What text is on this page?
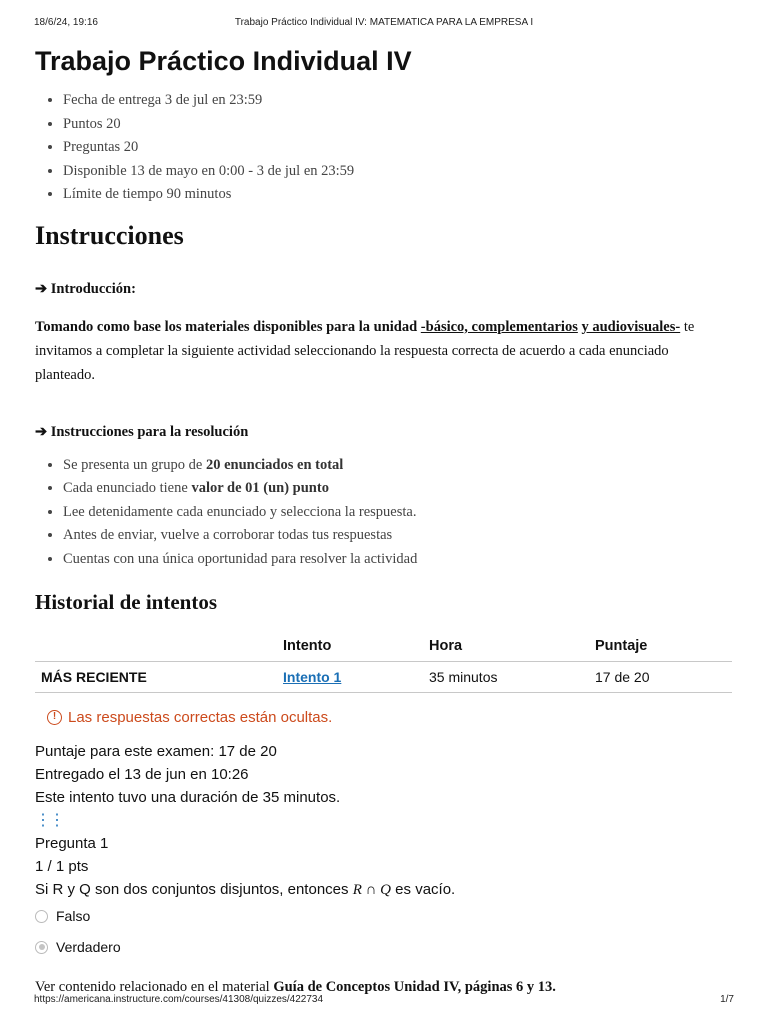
18/6/24, 19:16	Trabajo Práctico Individual IV: MATEMATICA PARA LA EMPRESA I
Trabajo Práctico Individual IV
• Fecha de entrega 3 de jul en 23:59
• Puntos 20
• Preguntas 20
• Disponible 13 de mayo en 0:00 - 3 de jul en 23:59
• Límite de tiempo 90 minutos
Instrucciones

➔ Introducción:

Tomando como base los materiales disponibles para la unidad -básico, complementarios y audiovisuales- te invitamos a completar la siguiente actividad seleccionando la respuesta correcta de acuerdo a cada enunciado planteado.

➔ Instrucciones para la resolución

• Se presenta un grupo de 20 enunciados en total
• Cada enunciado tiene valor de 01 (un) punto
• Lee detenidamente cada enunciado y selecciona la respuesta.
• Antes de enviar, vuelve a corroborar todas tus respuestas
• Cuentas con una única oportunidad para resolver la actividad
Historial de intentos
	Intento	Hora	Puntaje
MÁS RECIENTE	Intento 1	35 minutos	17 de 20
! Las respuestas correctas están ocultas.
Puntaje para este examen: 17 de 20
Entregado el 13 de jun en 10:26
Este intento tuvo una duración de 35 minutos.
⋮⋮
Pregunta 1
1 / 1 pts
Si R y Q son dos conjuntos disjuntos, entonces R ∩ Q es vacío.
Falso
Verdadero

Ver contenido relacionado en el material Guía de Conceptos Unidad IV, páginas 6 y 13.

https://americana.instructure.com/courses/41308/quizzes/422734	1/7
